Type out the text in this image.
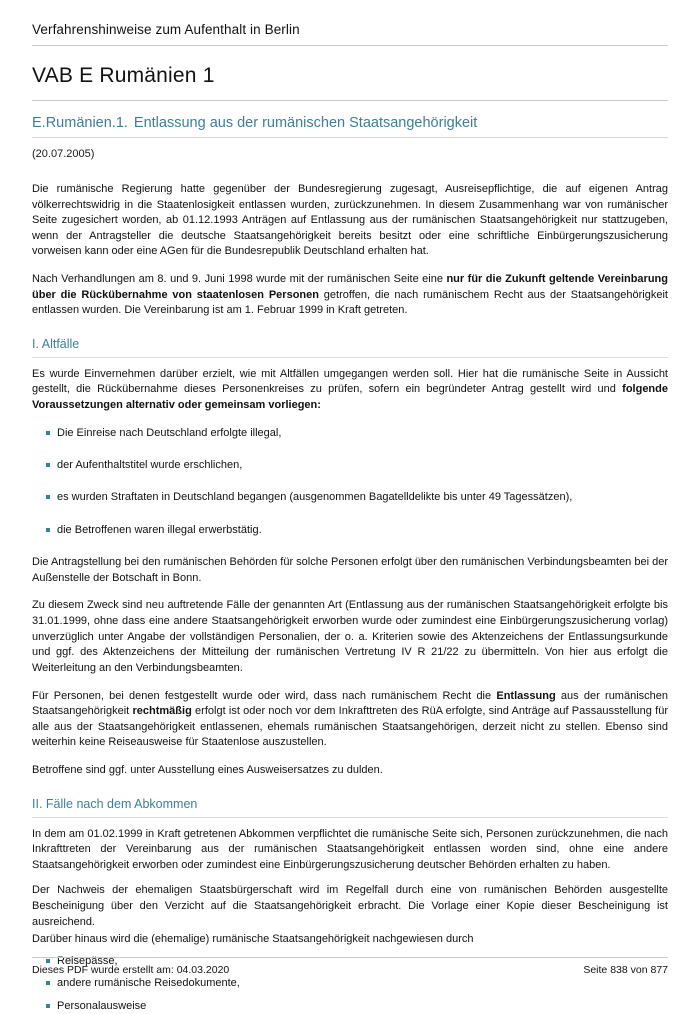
Verfahrenshinweise zum Aufenthalt in Berlin
VAB E Rumänien 1
E.Rumänien.1. Entlassung aus der rumänischen Staatsangehörigkeit
(20.07.2005)

Die rumänische Regierung hatte gegenüber der Bundesregierung zugesagt, Ausreisepflichtige, die auf eigenen Antrag völkerrechtswidrig in die Staatenlosigkeit entlassen wurden, zurückzunehmen. In diesem Zusammenhang war von rumänischer Seite zugesichert worden, ab 01.12.1993 Anträgen auf Entlassung aus der rumänischen Staatsangehörigkeit nur stattzugeben, wenn der Antragsteller die deutsche Staatsangehörigkeit bereits besitzt oder eine schriftliche Einbürgerungszusicherung vorweisen kann oder eine AGen für die Bundesrepublik Deutschland erhalten hat.

Nach Verhandlungen am 8. und 9. Juni 1998 wurde mit der rumänischen Seite eine nur für die Zukunft geltende Vereinbarung über die Rückübernahme von staatenlosen Personen getroffen, die nach rumänischem Recht aus der Staatsangehörigkeit entlassen wurden. Die Vereinbarung ist am 1. Februar 1999 in Kraft getreten.

I. Altfälle

Es wurde Einvernehmen darüber erzielt, wie mit Altfällen umgegangen werden soll. Hier hat die rumänische Seite in Aussicht gestellt, die Rückübernahme dieses Personenkreises zu prüfen, sofern ein begründeter Antrag gestellt wird und folgende Voraussetzungen alternativ oder gemeinsam vorliegen:

Die Einreise nach Deutschland erfolgte illegal,
der Aufenthaltstitel wurde erschlichen,
es wurden Straftaten in Deutschland begangen (ausgenommen Bagatelldelikte bis unter 49 Tagessätzen),
die Betroffenen waren illegal erwerbstätig.

Die Antragstellung bei den rumänischen Behörden für solche Personen erfolgt über den rumänischen Verbindungsbeamten bei der Außenstelle der Botschaft in Bonn.

Zu diesem Zweck sind neu auftretende Fälle der genannten Art (Entlassung aus der rumänischen Staatsangehörigkeit erfolgte bis 31.01.1999, ohne dass eine andere Staatsangehörigkeit erworben wurde oder zumindest eine Einbürgerungszusicherung vorlag) unverzüglich unter Angabe der vollständigen Personalien, der o. a. Kriterien sowie des Aktenzeichens der Entlassungsurkunde und ggf. des Aktenzeichens der Mitteilung der rumänischen Vertretung IV R 21/22 zu übermitteln. Von hier aus erfolgt die Weiterleitung an den Verbindungsbeamten.

Für Personen, bei denen festgestellt wurde oder wird, dass nach rumänischem Recht die Entlassung aus der rumänischen Staatsangehörigkeit rechtmäßig erfolgt ist oder noch vor dem Inkrafttreten des RüA erfolgte, sind Anträge auf Passausstellung für alle aus der Staatsangehörigkeit entlassenen, ehemals rumänischen Staatsangehörigen, derzeit nicht zu stellen. Ebenso sind weiterhin keine Reiseausweise für Staatenlose auszustellen.

Betroffene sind ggf. unter Ausstellung eines Ausweisersatzes zu dulden.

II. Fälle nach dem Abkommen

In dem am 01.02.1999 in Kraft getretenen Abkommen verpflichtet die rumänische Seite sich, Personen zurückzunehmen, die nach Inkrafttreten der Vereinbarung aus der rumänischen Staatsangehörigkeit entlassen worden sind, ohne eine andere Staatsangehörigkeit erworben oder zumindest eine Einbürgerungszusicherung deutscher Behörden erhalten zu haben.

Der Nachweis der ehemaligen Staatsbürgerschaft wird im Regelfall durch eine von rumänischen Behörden ausgestellte Bescheinigung über den Verzicht auf die Staatsangehörigkeit erbracht. Die Vorlage einer Kopie dieser Bescheinigung ist ausreichend.

Darüber hinaus wird die (ehemalige) rumänische Staatsangehörigkeit nachgewiesen durch

Reisepässe,
andere rumänische Reisedokumente,
Personalausweise
Dieses PDF wurde erstellt am: 04.03.2020	Seite 838 von 877
